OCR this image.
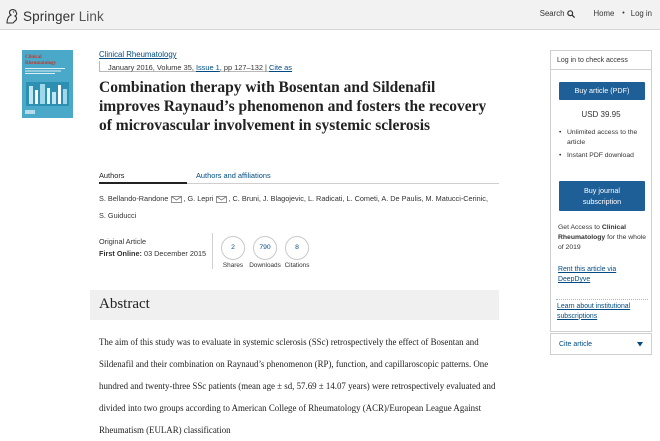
Springer Link	Search	Home • Log in
Clinical
Rheumatology
Clinical Rheumatology
January 2016, Volume 35, Issue 1, pp 127–132 | Cite as
Combination therapy with Bosentan and Sildenafil improves Raynaud’s phenomenon and fosters the recovery of microvascular involvement in systemic sclerosis
Authors	Authors and affiliations
S. Bellando-Randone , G. Lepri , C. Bruni, J. Blagojevic, L. Radicati, L. Cometi, A. De Paulis, M. Matucci-Cerinic,
S. Guiducci
Original Article
First Online: 03 December 2015
2
Shares
790
Downloads
8
Citations
Abstract

The aim of this study was to evaluate in systemic sclerosis (SSc) retrospectively the effect of Bosentan and Sildenafil and their combination on Raynaud’s phenomenon (RP), function, and capillaroscopic patterns. One hundred and twenty-three SSc patients (mean age ± sd, 57.69 ± 14.07 years) were retrospectively evaluated and divided into two groups according to American College of Rheumatology (ACR)/European League Against Rheumatism (EULAR) classification

Log in to check access
Buy article (PDF)
USD 39.95
• Unlimited access to the article
• Instant PDF download
Buy journal
subscription
Get Access to Clinical Rheumatology for the whole of 2019
Rent this article via DeepDyve
Learn about institutional subscriptions
Cite article
